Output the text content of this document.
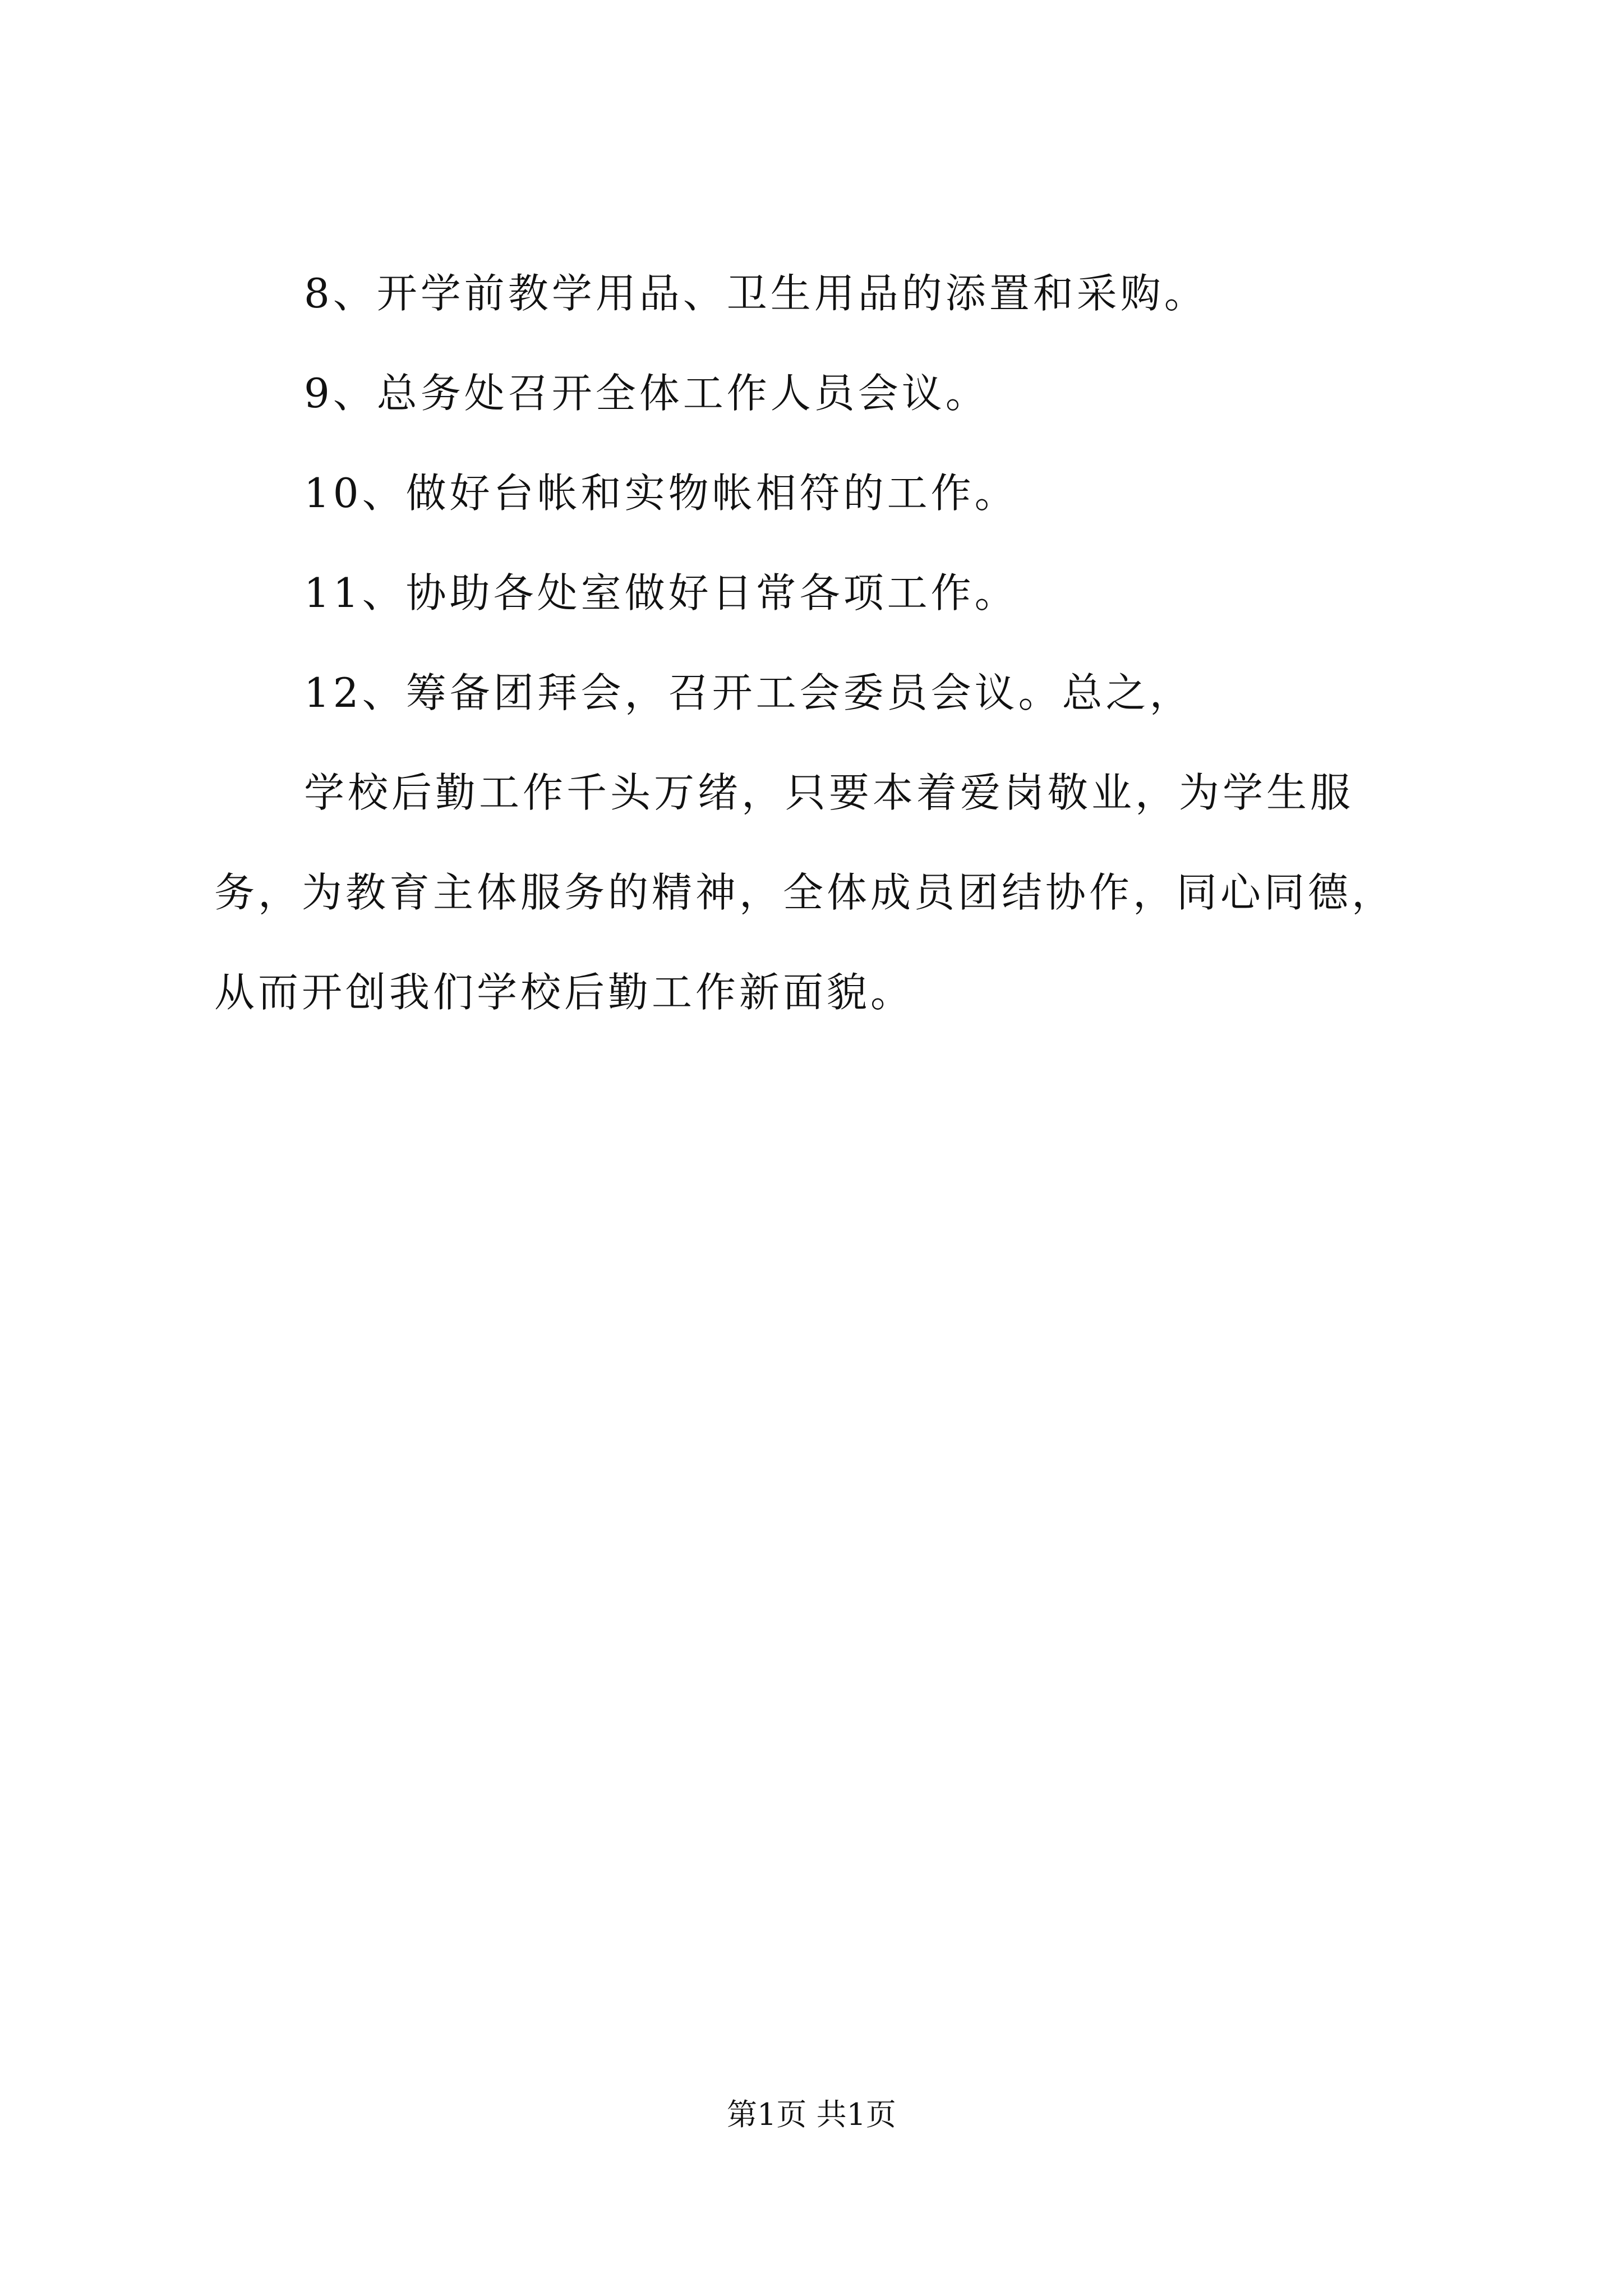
8、开学前教学用品、卫生用品的添置和采购。
9、总务处召开全体工作人员会议。
10、做好台帐和实物帐相符的工作。
11、协助各处室做好日常各项工作。
12、筹备团拜会，召开工会委员会议。总之，

学校后勤工作千头万绪，只要本着爱岗敬业，为学生服务，为教育主体服务的精神，全体成员团结协作，同心同德，从而开创我们学校后勤工作新面貌。

第1页 共1页
